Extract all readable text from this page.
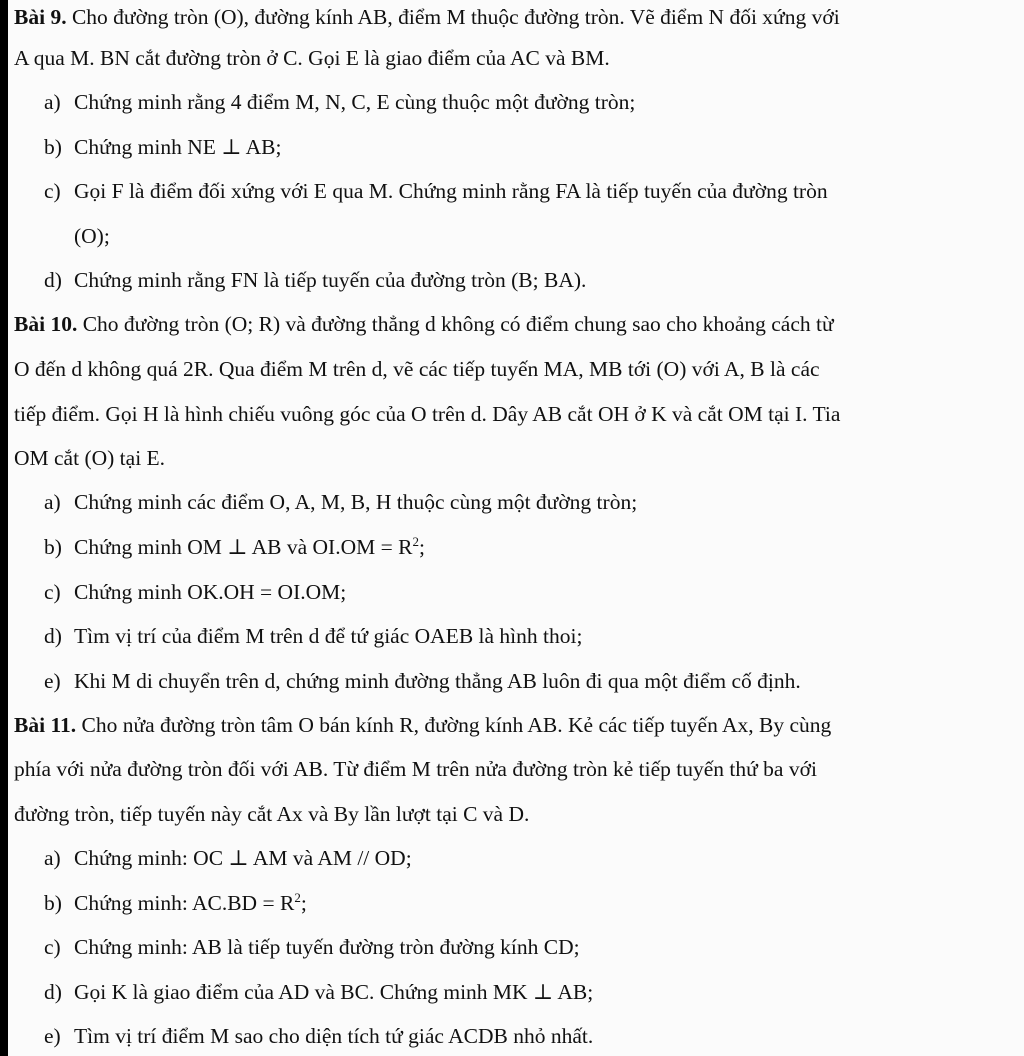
Bài 9. Cho đường tròn (O), đường kính AB, điểm M thuộc đường tròn. Vẽ điểm N đối xứng với
A qua M. BN cắt đường tròn ở C. Gọi E là giao điểm của AC và BM.
a) Chứng minh rằng 4 điểm M, N, C, E cùng thuộc một đường tròn;
b) Chứng minh NE ⊥ AB;
c) Gọi F là điểm đối xứng với E qua M. Chứng minh rằng FA là tiếp tuyến của đường tròn
(O);
d) Chứng minh rằng FN là tiếp tuyến của đường tròn (B; BA).
Bài 10. Cho đường tròn (O; R) và đường thẳng d không có điểm chung sao cho khoảng cách từ
O đến d không quá 2R. Qua điểm M trên d, vẽ các tiếp tuyến MA, MB tới (O) với A, B là các
tiếp điểm. Gọi H là hình chiếu vuông góc của O trên d. Dây AB cắt OH ở K và cắt OM tại I. Tia
OM cắt (O) tại E.
a) Chứng minh các điểm O, A, M, B, H thuộc cùng một đường tròn;
b) Chứng minh OM ⊥ AB và $OI.OM = R^2$;
c) Chứng minh OK.OH = OI.OM;
d) Tìm vị trí của điểm M trên d để tứ giác OAEB là hình thoi;
e) Khi M di chuyển trên d, chứng minh đường thẳng AB luôn đi qua một điểm cố định.
Bài 11. Cho nửa đường tròn tâm O bán kính R, đường kính AB. Kẻ các tiếp tuyến Ax, By cùng
phía với nửa đường tròn đối với AB. Từ điểm M trên nửa đường tròn kẻ tiếp tuyến thứ ba với
đường tròn, tiếp tuyến này cắt Ax và By lần lượt tại C và D.
a) Chứng minh: OC ⊥ AM và AM // OD;
b) Chứng minh: $AC.BD = R^2$;
c) Chứng minh: AB là tiếp tuyến đường tròn đường kính CD;
d) Gọi K là giao điểm của AD và BC. Chứng minh MK ⊥ AB;
e) Tìm vị trí điểm M sao cho diện tích tứ giác ACDB nhỏ nhất.
